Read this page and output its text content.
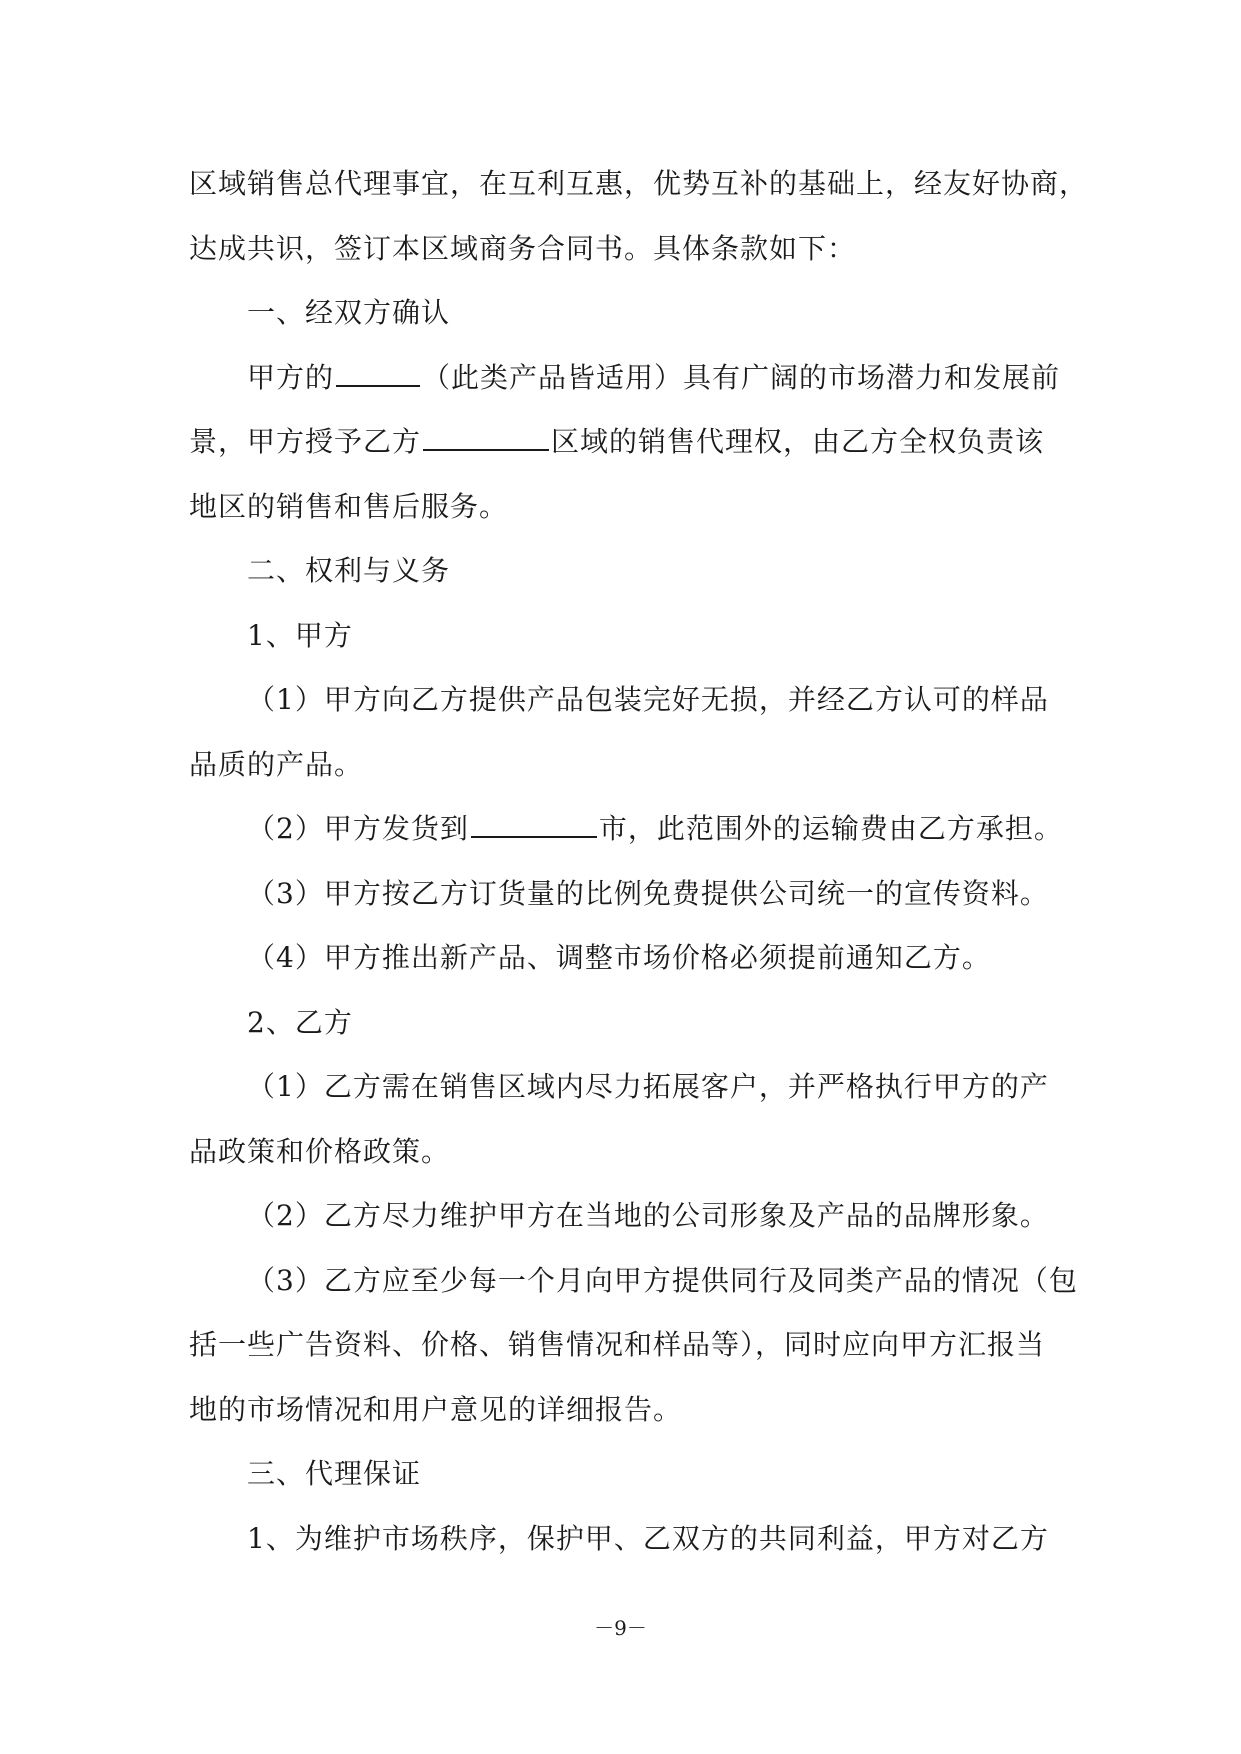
区域销售总代理事宜，在互利互惠，优势互补的基础上，经友好协商，
达成共识，签订本区域商务合同书。具体条款如下：
一、经双方确认
甲方的	（此类产品皆适用）具有广阔的市场潜力和发展前
景，甲方授予乙方	区域的销售代理权，由乙方全权负责该
地区的销售和售后服务。
二、权利与义务
1、甲方
（1）甲方向乙方提供产品包装完好无损，并经乙方认可的样品
品质的产品。
（2）甲方发货到	市，此范围外的运输费由乙方承担。
（3）甲方按乙方订货量的比例免费提供公司统一的宣传资料。
（4）甲方推出新产品、调整市场价格必须提前通知乙方。
2、乙方
（1）乙方需在销售区域内尽力拓展客户，并严格执行甲方的产
品政策和价格政策。
（2）乙方尽力维护甲方在当地的公司形象及产品的品牌形象。
（3）乙方应至少每一个月向甲方提供同行及同类产品的情况（包
括一些广告资料、价格、销售情况和样品等），同时应向甲方汇报当
地的市场情况和用户意见的详细报告。
三、代理保证
1、为维护市场秩序，保护甲、乙双方的共同利益，甲方对乙方
－9－
